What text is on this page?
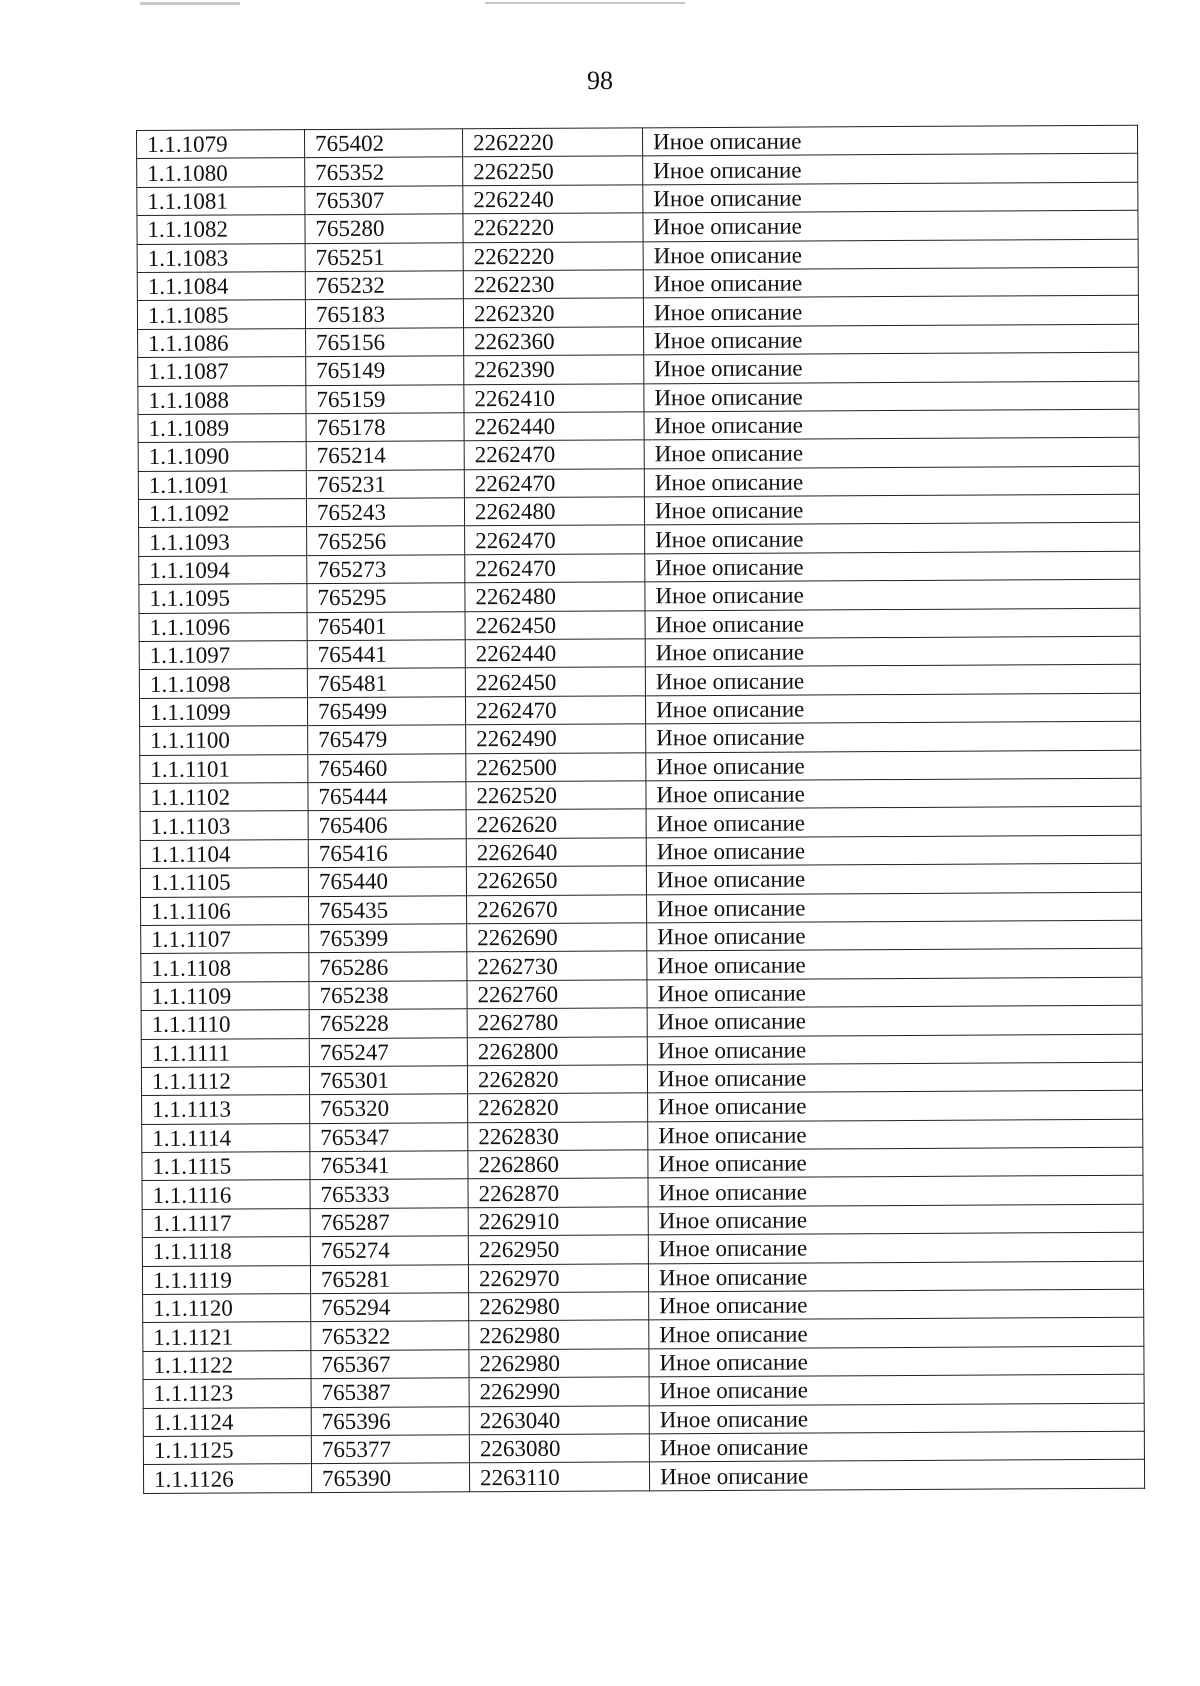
98
1.1.1079	765402	2262220	Иное описание
1.1.1080	765352	2262250	Иное описание
1.1.1081	765307	2262240	Иное описание
1.1.1082	765280	2262220	Иное описание
1.1.1083	765251	2262220	Иное описание
1.1.1084	765232	2262230	Иное описание
1.1.1085	765183	2262320	Иное описание
1.1.1086	765156	2262360	Иное описание
1.1.1087	765149	2262390	Иное описание
1.1.1088	765159	2262410	Иное описание
1.1.1089	765178	2262440	Иное описание
1.1.1090	765214	2262470	Иное описание
1.1.1091	765231	2262470	Иное описание
1.1.1092	765243	2262480	Иное описание
1.1.1093	765256	2262470	Иное описание
1.1.1094	765273	2262470	Иное описание
1.1.1095	765295	2262480	Иное описание
1.1.1096	765401	2262450	Иное описание
1.1.1097	765441	2262440	Иное описание
1.1.1098	765481	2262450	Иное описание
1.1.1099	765499	2262470	Иное описание
1.1.1100	765479	2262490	Иное описание
1.1.1101	765460	2262500	Иное описание
1.1.1102	765444	2262520	Иное описание
1.1.1103	765406	2262620	Иное описание
1.1.1104	765416	2262640	Иное описание
1.1.1105	765440	2262650	Иное описание
1.1.1106	765435	2262670	Иное описание
1.1.1107	765399	2262690	Иное описание
1.1.1108	765286	2262730	Иное описание
1.1.1109	765238	2262760	Иное описание
1.1.1110	765228	2262780	Иное описание
1.1.1111	765247	2262800	Иное описание
1.1.1112	765301	2262820	Иное описание
1.1.1113	765320	2262820	Иное описание
1.1.1114	765347	2262830	Иное описание
1.1.1115	765341	2262860	Иное описание
1.1.1116	765333	2262870	Иное описание
1.1.1117	765287	2262910	Иное описание
1.1.1118	765274	2262950	Иное описание
1.1.1119	765281	2262970	Иное описание
1.1.1120	765294	2262980	Иное описание
1.1.1121	765322	2262980	Иное описание
1.1.1122	765367	2262980	Иное описание
1.1.1123	765387	2262990	Иное описание
1.1.1124	765396	2263040	Иное описание
1.1.1125	765377	2263080	Иное описание
1.1.1126	765390	2263110	Иное описание
